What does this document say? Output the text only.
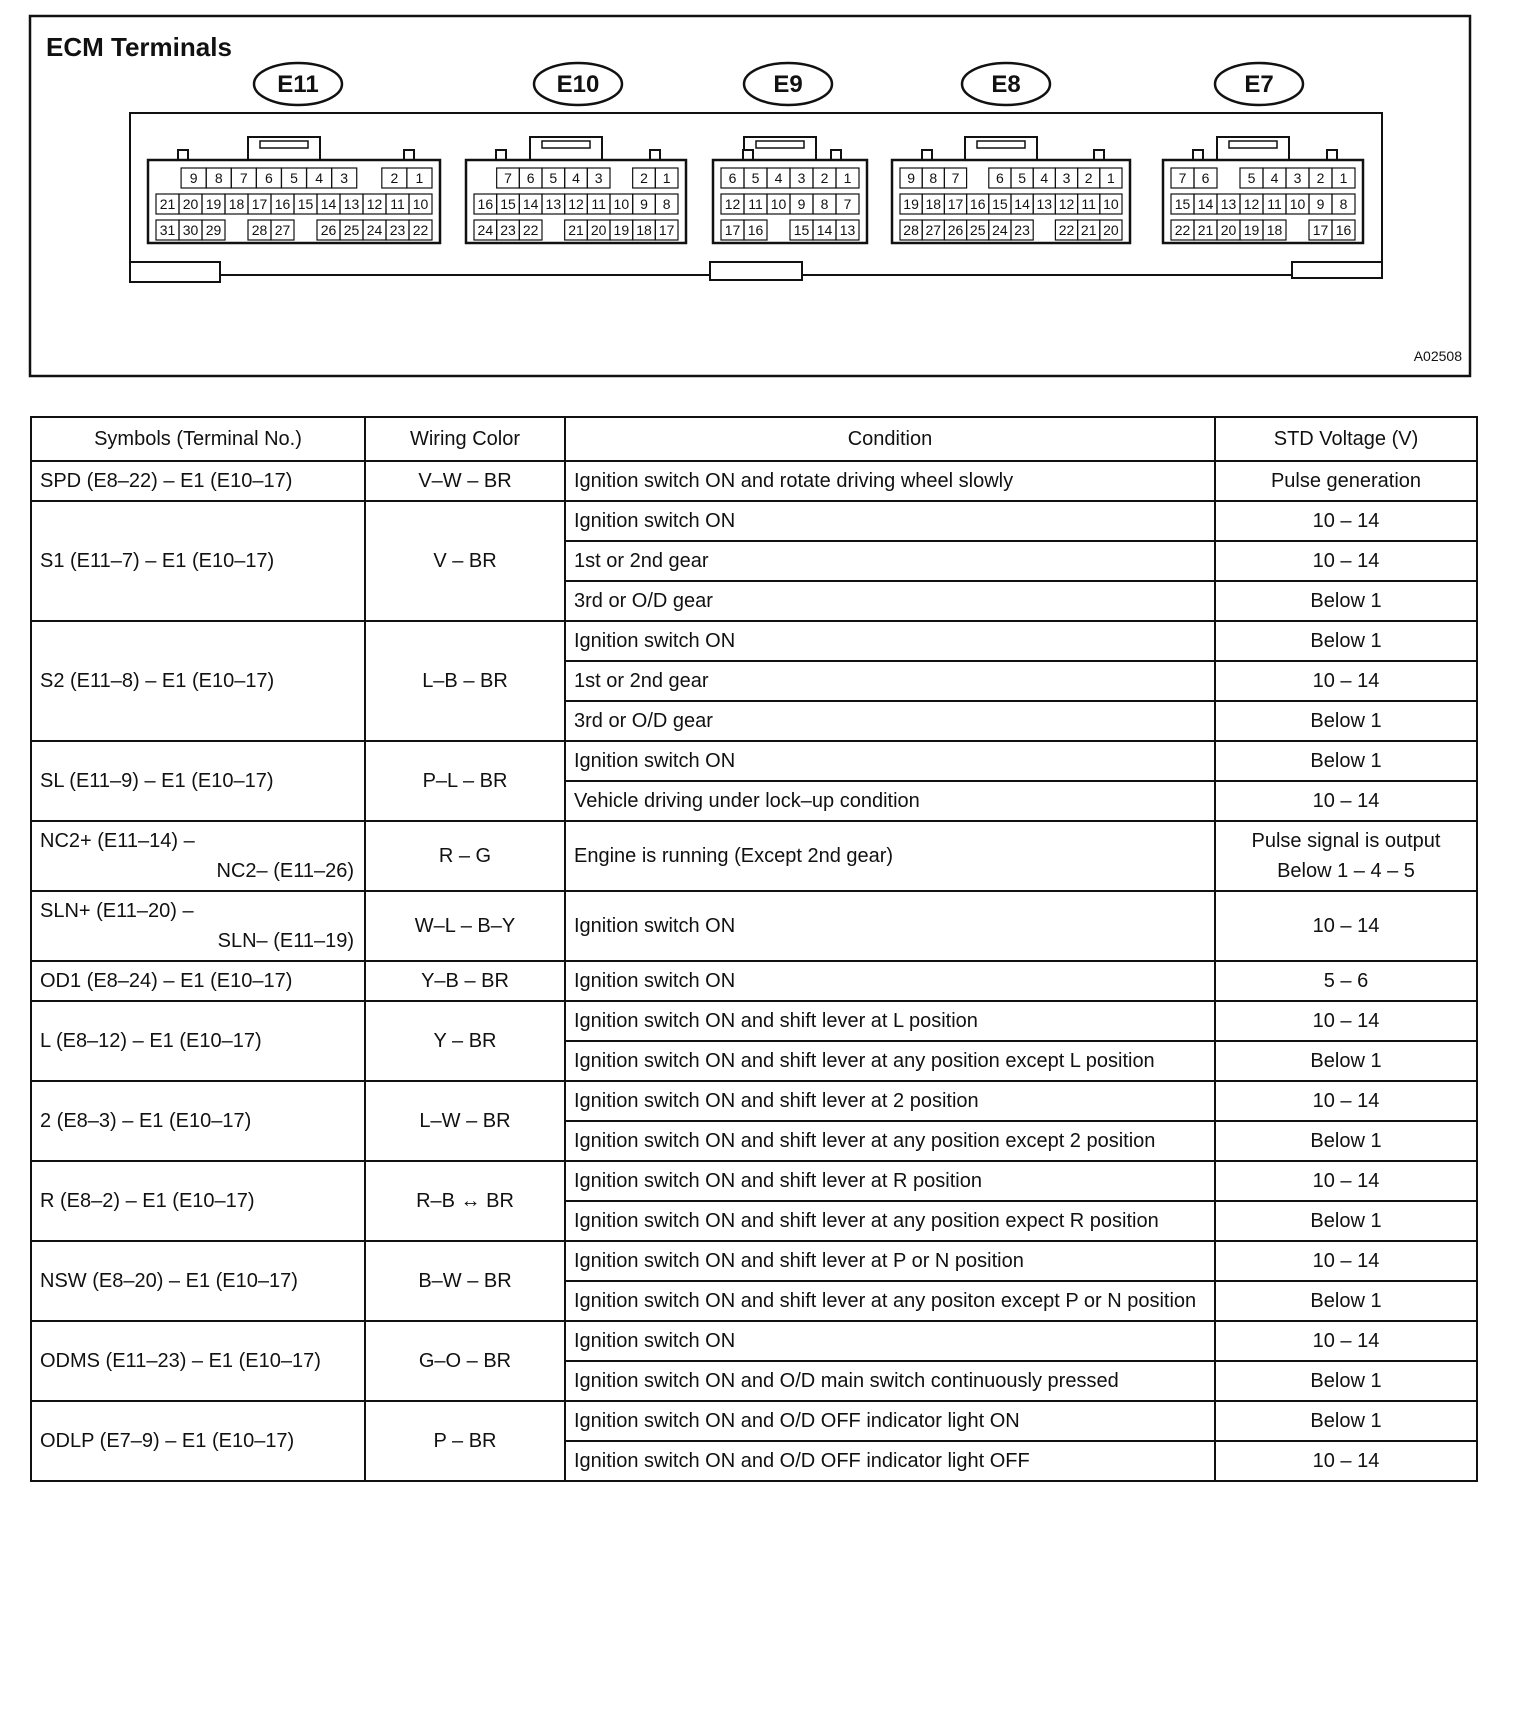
ECM Terminals
E11
9 8 7 6 5 4 3	2 1
21 20 19 18 17 16 15 14 13 12 11 10
31 30 29 28 27 26 25 24 23 22
E10
7 6 5 4 3	2 1
16 15 14 13 12 11 10 9 8
24 23 22 21 20 19 18 17
E9
6 5 4 3 2 1
12 11 10 9 8 7
17 16 15 14 13
E8
9 8 7	6 5 4 3 2 1
19 18 17 16 15 14 13 12 11 10
28 27 26 25 24 23 22 21 20
E7
7 6	5 4 3 2 1
15 14 13 12 11 10 9 8
22 21 20 19 18 17 16
A02508
Symbols (Terminal No.)	Wiring Color	Condition	STD Voltage (V)

SPD (E8–22) – E1 (E10–17)	V–W – BR	Ignition switch ON and rotate driving wheel slowly	Pulse generation

S1 (E11–7) – E1 (E10–17)	V – BR	Ignition switch ON	10 – 14

		1st or 2nd gear	10 – 14

		3rd or O/D gear	Below 1

S2 (E11–8) – E1 (E10–17)	L–B – BR	Ignition switch ON	Below 1

		1st or 2nd gear	10 – 14

		3rd or O/D gear	Below 1

SL (E11–9) – E1 (E10–17)	P–L – BR	Ignition switch ON	Below 1

		Vehicle driving under lock–up condition	10 – 14

NC2+ (E11–14) –
NC2– (E11–26)	R – G	Engine is running (Except 2nd gear)	Pulse signal is output
Below 1 – 4 – 5

SLN+ (E11–20) –
SLN– (E11–19)	W–L – B–Y	Ignition switch ON	10 – 14

OD1 (E8–24) – E1 (E10–17)	Y–B – BR	Ignition switch ON	5 – 6

L (E8–12) – E1 (E10–17)	Y – BR	Ignition switch ON and shift lever at L position	10 – 14

		Ignition switch ON and shift lever at any position except L position	Below 1

2 (E8–3) – E1 (E10–17)	L–W – BR	Ignition switch ON and shift lever at 2 position	10 – 14

		Ignition switch ON and shift lever at any position except 2 position	Below 1

R (E8–2) – E1 (E10–17)	R–B ↔ BR	Ignition switch ON and shift lever at R position	10 – 14

		Ignition switch ON and shift lever at any position expect R position	Below 1

NSW (E8–20) – E1 (E10–17)	B–W – BR	Ignition switch ON and shift lever at P or N position	10 – 14

		Ignition switch ON and shift lever at any positon except P or N position	Below 1

ODMS (E11–23) – E1 (E10–17)	G–O – BR	Ignition switch ON	10 – 14

		Ignition switch ON and O/D main switch continuously pressed	Below 1

ODLP (E7–9) – E1 (E10–17)	P – BR	Ignition switch ON and O/D OFF indicator light ON	Below 1

		Ignition switch ON and O/D OFF indicator light OFF	10 – 14
